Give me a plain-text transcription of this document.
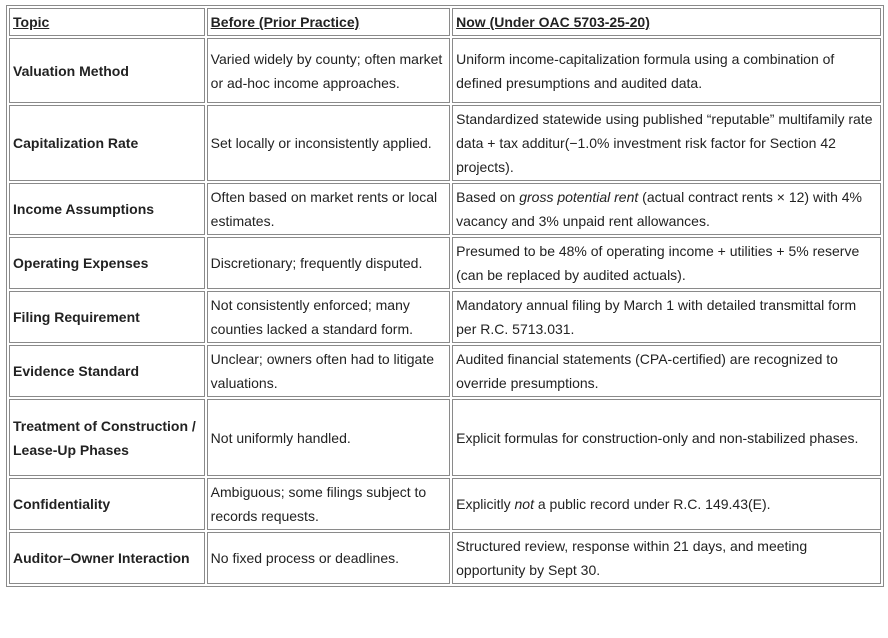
Topic	Before (Prior Practice)	Now (Under OAC 5703-25-20)
Valuation Method	Varied widely by county; often market or ad-hoc income approaches.	Uniform income-capitalization formula using a combination of defined presumptions and audited data.
Capitalization Rate	Set locally or inconsistently applied.	Standardized statewide using published “reputable” multifamily rate data + tax additur(−1.0% investment risk factor for Section 42 projects).
Income Assumptions	Often based on market rents or local estimates.	Based on gross potential rent (actual contract rents × 12) with 4% vacancy and 3% unpaid rent allowances.
Operating Expenses	Discretionary; frequently disputed.	Presumed to be 48% of operating income + utilities + 5% reserve (can be replaced by audited actuals).
Filing Requirement	Not consistently enforced; many counties lacked a standard form.	Mandatory annual filing by March 1 with detailed transmittal form per R.C. 5713.031.
Evidence Standard	Unclear; owners often had to litigate valuations.	Audited financial statements (CPA-certified) are recognized to override presumptions.
Treatment of Construction / Lease-Up Phases	Not uniformly handled.	Explicit formulas for construction-only and non-stabilized phases.
Confidentiality	Ambiguous; some filings subject to records requests.	Explicitly not a public record under R.C. 149.43(E).
Auditor–Owner Interaction	No fixed process or deadlines.	Structured review, response within 21 days, and meeting opportunity by Sept 30.
